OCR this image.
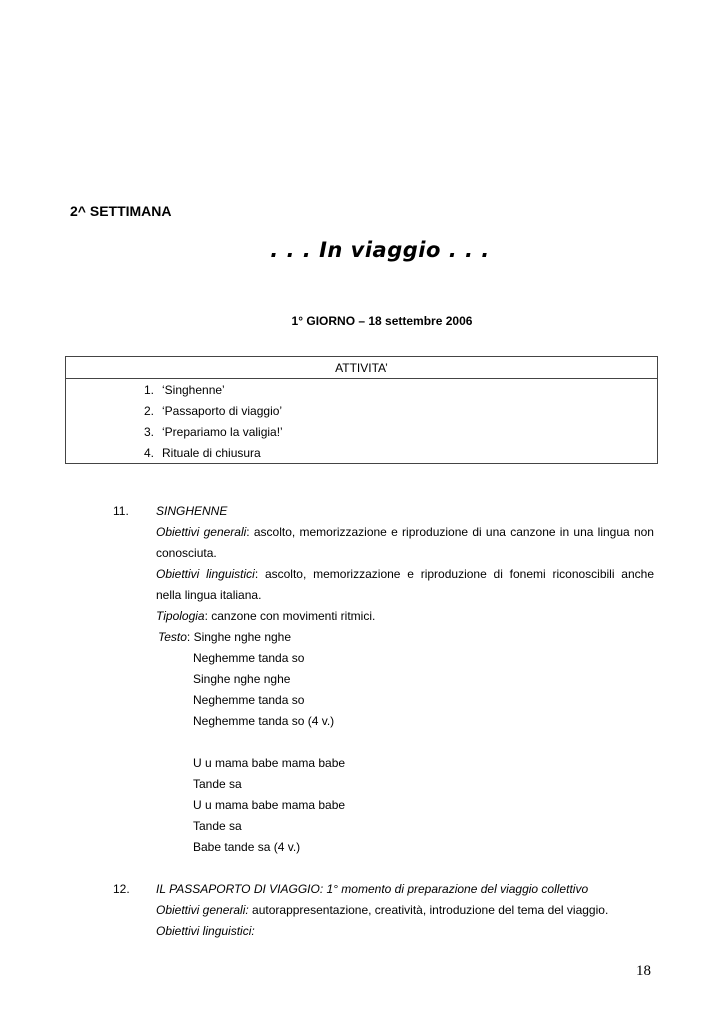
2^ SETTIMANA
. . . In viaggio . . .
1° GIORNO – 18 settembre 2006
ATTIVITA’
1. ‘Singhenne’
2. ‘Passaporto di viaggio’
3. ‘Prepariamo la valigia!’
4. Rituale di chiusura
11. SINGHENNE
Obiettivi generali: ascolto, memorizzazione e riproduzione di una canzone in una lingua non
conosciuta.
Obiettivi linguistici: ascolto, memorizzazione e riproduzione di fonemi riconoscibili anche
nella lingua italiana.
Tipologia: canzone con movimenti ritmici.
Testo: Singhe nghe nghe
Neghemme tanda so
Singhe nghe nghe
Neghemme tanda so
Neghemme tanda so (4 v.)
U u mama babe mama babe
Tande sa
U u mama babe mama babe
Tande sa
Babe tande sa (4 v.)
12. IL PASSAPORTO DI VIAGGIO: 1° momento di preparazione del viaggio collettivo
Obiettivi generali: autorappresentazione, creatività, introduzione del tema del viaggio.
Obiettivi linguistici:
18
